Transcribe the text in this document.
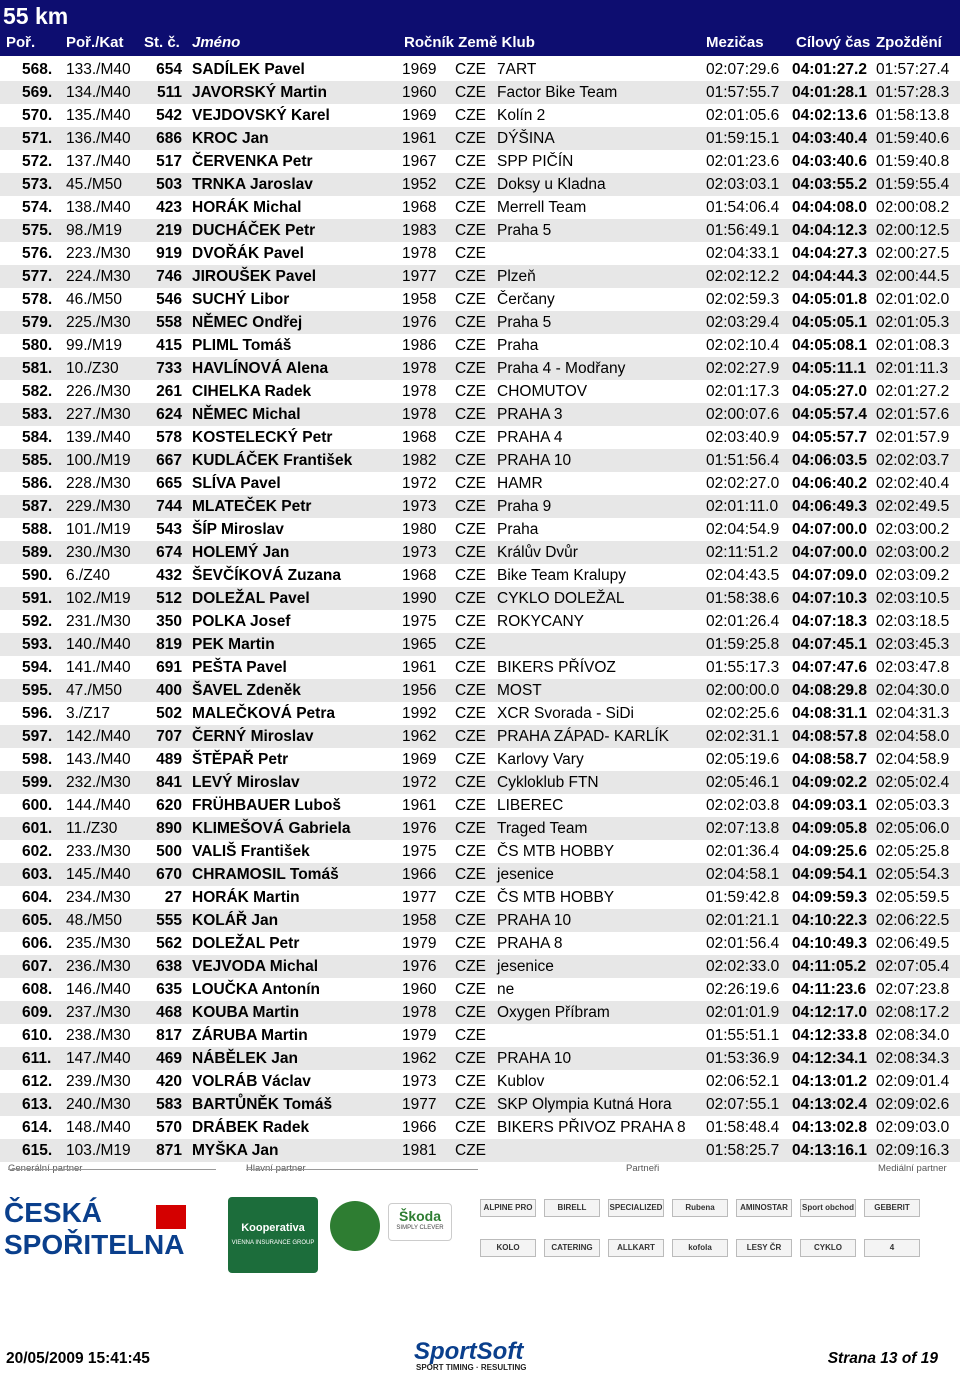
55 km
Poř. Poř./Kat St. č. Jméno	Ročník Země Klub	Mezičas Cílový čas Zpoždění
568. 133./M40	654 SADÍLEK Pavel	1969 CZE 7ART	02:07:29.6 04:01:27.2 01:57:27.4
569. 134./M40	511 JAVORSKÝ Martin	1960 CZE Factor Bike Team	01:57:55.7 04:01:28.1 01:57:28.3
570. 135./M40	542 VEJDOVSKÝ Karel	1969 CZE Kolín 2	02:01:05.6 04:02:13.6 01:58:13.8
571. 136./M40	686 KROC Jan	1961 CZE DÝŠINA	01:59:15.1 04:03:40.4 01:59:40.6
572. 137./M40	517 ČERVENKA Petr	1967 CZE SPP PIČÍN	02:01:23.6 04:03:40.6 01:59:40.8
573. 45./M50	503 TRNKA Jaroslav	1952 CZE Doksy u Kladna	02:03:03.1 04:03:55.2 01:59:55.4
574. 138./M40	423 HORÁK Michal	1968 CZE Merrell Team	01:54:06.4 04:04:08.0 02:00:08.2
575. 98./M19	219 DUCHÁČEK Petr	1983 CZE Praha 5	01:56:49.1 04:04:12.3 02:00:12.5
576. 223./M30	919 DVOŘÁK Pavel	1978 CZE	02:04:33.1 04:04:27.3 02:00:27.5
577. 224./M30	746 JIROUŠEK Pavel	1977 CZE Plzeň	02:02:12.2 04:04:44.3 02:00:44.5
578. 46./M50	546 SUCHÝ Libor	1958 CZE Čerčany	02:02:59.3 04:05:01.8 02:01:02.0
579. 225./M30	558 NĚMEC Ondřej	1976 CZE Praha 5	02:03:29.4 04:05:05.1 02:01:05.3
580. 99./M19	415 PLIML Tomáš	1986 CZE Praha	02:02:10.4 04:05:08.1 02:01:08.3
581. 10./Z30	733 HAVLÍNOVÁ Alena	1978 CZE Praha 4 - Modřany	02:02:27.9 04:05:11.1 02:01:11.3
582. 226./M30	261 CIHELKA Radek	1978 CZE CHOMUTOV	02:01:17.3 04:05:27.0 02:01:27.2
583. 227./M30	624 NĚMEC Michal	1978 CZE PRAHA 3	02:00:07.6 04:05:57.4 02:01:57.6
584. 139./M40	578 KOSTELECKÝ Petr	1968 CZE PRAHA 4	02:03:40.9 04:05:57.7 02:01:57.9
585. 100./M19	667 KUDLÁČEK František	1982 CZE PRAHA 10	01:51:56.4 04:06:03.5 02:02:03.7
586. 228./M30	665 SLÍVA Pavel	1972 CZE HAMR	02:02:27.0 04:06:40.2 02:02:40.4
587. 229./M30	744 MLATEČEK Petr	1973 CZE Praha 9	02:01:11.0 04:06:49.3 02:02:49.5
588. 101./M19	543 ŠÍP Miroslav	1980 CZE Praha	02:04:54.9 04:07:00.0 02:03:00.2
589. 230./M30	674 HOLEMÝ Jan	1973 CZE Králův Dvůr	02:11:51.2 04:07:00.0 02:03:00.2
590. 6./Z40	432 ŠEVČÍKOVÁ Zuzana	1968 CZE Bike Team Kralupy	02:04:43.5 04:07:09.0 02:03:09.2
591. 102./M19	512 DOLEŽAL Pavel	1990 CZE CYKLO DOLEŽAL	01:58:38.6 04:07:10.3 02:03:10.5
592. 231./M30	350 POLKA Josef	1975 CZE ROKYCANY	02:01:26.4 04:07:18.3 02:03:18.5
593. 140./M40	819 PEK Martin	1965 CZE	01:59:25.8 04:07:45.1 02:03:45.3
594. 141./M40	691 PEŠTA Pavel	1961 CZE BIKERS PŘÍVOZ	01:55:17.3 04:07:47.6 02:03:47.8
595. 47./M50	400 ŠAVEL Zdeněk	1956 CZE MOST	02:00:00.0 04:08:29.8 02:04:30.0
596. 3./Z17	502 MALEČKOVÁ Petra	1992 CZE XCR Svorada - SiDi	02:02:25.6 04:08:31.1 02:04:31.3
597. 142./M40	707 ČERNÝ Miroslav	1962 CZE PRAHA ZÁPAD- KARLÍK 02:02:31.1 04:08:57.8 02:04:58.0
598. 143./M40	489 ŠTĚPAŘ Petr	1969 CZE Karlovy Vary	02:05:19.6 04:08:58.7 02:04:58.9
599. 232./M30	841 LEVÝ Miroslav	1972 CZE Cykloklub FTN	02:05:46.1 04:09:02.2 02:05:02.4
600. 144./M40	620 FRÜHBAUER Luboš	1961 CZE LIBEREC	02:02:03.8 04:09:03.1 02:05:03.3
601. 11./Z30	890 KLIMEŠOVÁ Gabriela	1976 CZE Traged Team	02:07:13.8 04:09:05.8 02:05:06.0
602. 233./M30	500 VALIŠ František	1975 CZE ČS MTB HOBBY	02:01:36.4 04:09:25.6 02:05:25.8
603. 145./M40	670 CHRAMOSIL Tomáš	1966 CZE jesenice	02:04:58.1 04:09:54.1 02:05:54.3
604. 234./M30	27 HORÁK Martin	1977 CZE ČS MTB HOBBY	01:59:42.8 04:09:59.3 02:05:59.5
605. 48./M50	555 KOLÁŘ Jan	1958 CZE PRAHA 10	02:01:21.1 04:10:22.3 02:06:22.5
606. 235./M30	562 DOLEŽAL Petr	1979 CZE PRAHA 8	02:01:56.4 04:10:49.3 02:06:49.5
607. 236./M30	638 VEJVODA Michal	1976 CZE jesenice	02:02:33.0 04:11:05.2 02:07:05.4
608. 146./M40	635 LOUČKA Antonín	1960 CZE ne	02:26:19.6 04:11:23.6 02:07:23.8
609. 237./M30	468 KOUBA Martin	1978 CZE Oxygen Příbram	02:01:01.9 04:12:17.0 02:08:17.2
610. 238./M30	817 ZÁRUBA Martin	1979 CZE	01:55:51.1 04:12:33.8 02:08:34.0
611. 147./M40	469 NÁBĚLEK Jan	1962 CZE PRAHA 10	01:53:36.9 04:12:34.1 02:08:34.3
612. 239./M30	420 VOLRÁB Václav	1973 CZE Kublov	02:06:52.1 04:13:01.2 02:09:01.4
613. 240./M30	583 BARTŮNĚK Tomáš	1977 CZE SKP Olympia Kutná Hora 02:07:55.1 04:13:02.4 02:09:02.6
614. 148./M40	570 DRÁBEK Radek	1966 CZE BIKERS PŘIVOZ PRAHA 8 01:58:48.4 04:13:02.8 02:09:03.0
615. 103./M19	871 MYŠKA Jan	1981 CZE	01:58:25.7 04:13:16.1 02:09:16.3
Partneři	Mediální partner
ČESKÁ
SPOŘITELNA
Kooperativa
VIENNA INSURANCE GROUP
Škoda
SIMPLY CLEVER
ALPINE PRO	BIRELL	SPECIALIZED	Rubena	AMINOSTAR	Sport obchod	GEBERIT
KOLO	CATERING	ALLKART	kofola	LESY ČR	CYKLO	4
20/05/2009 15:41:45	SportSoft
SPORT TIMING · RESULTING
Strana 13 of 19
